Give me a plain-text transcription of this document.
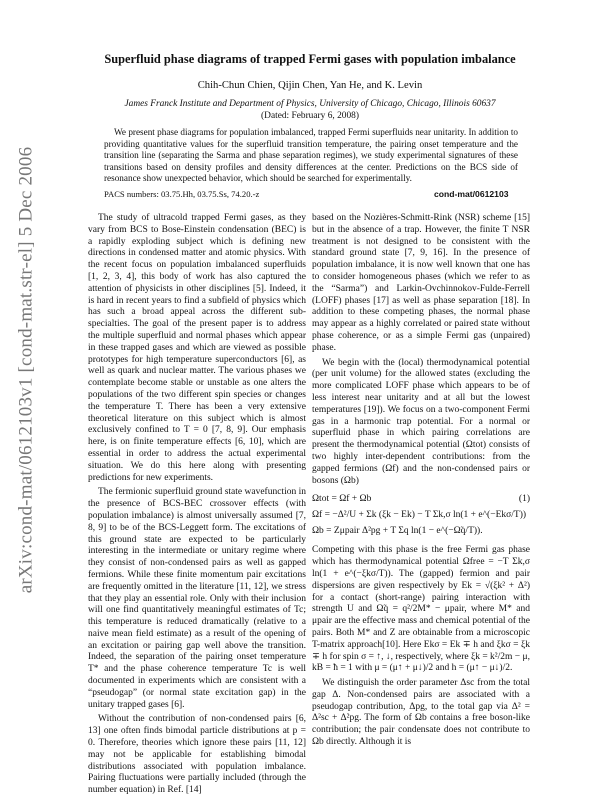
arXiv:cond-mat/0612103v1 [cond-mat.str-el] 5 Dec 2006
Superfluid phase diagrams of trapped Fermi gases with population imbalance
Chih-Chun Chien, Qijin Chen, Yan He, and K. Levin
James Franck Institute and Department of Physics, University of Chicago, Chicago, Illinois 60637
(Dated: February 6, 2008)
We present phase diagrams for population imbalanced, trapped Fermi superfluids near unitarity. In addition to providing quantitative values for the superfluid transition temperature, the pairing onset temperature and the transition line (separating the Sarma and phase separation regimes), we study experimental signatures of these transitions based on density profiles and density differences at the center. Predictions on the BCS side of resonance show unexpected behavior, which should be searched for experimentally.
PACS numbers: 03.75.Hh, 03.75.Ss, 74.20.-z	cond-mat/0612103

The study of ultracold trapped Fermi gases, as they vary from BCS to Bose-Einstein condensation (BEC) is a rapidly exploding subject which is defining new directions in condensed matter and atomic physics. With the recent focus on population imbalanced superfluids [1, 2, 3, 4], this body of work has also captured the attention of physicists in other disciplines [5]. Indeed, it is hard in recent years to find a subfield of physics which has such a broad appeal across the different sub-specialties. The goal of the present paper is to address the multiple superfluid and normal phases which appear in these trapped gases and which are viewed as possible prototypes for high temperature superconductors [6], as well as quark and nuclear matter. The various phases we contemplate become stable or unstable as one alters the populations of the two different spin species or changes the temperature T. There has been a very extensive theoretical literature on this subject which is almost exclusively confined to T = 0 [7, 8, 9]. Our emphasis here, is on finite temperature effects [6, 10], which are essential in order to address the actual experimental situation. We do this here along with presenting predictions for new experiments.

The fermionic superfluid ground state wavefunction in the presence of BCS-BEC crossover effects (with population imbalance) is almost universally assumed [7, 8, 9] to be of the BCS-Leggett form. The excitations of this ground state are expected to be particularly interesting in the intermediate or unitary regime where they consist of non-condensed pairs as well as gapped fermions. While these finite momentum pair excitations are frequently omitted in the literature [11, 12], we stress that they play an essential role. Only with their inclusion will one find quantitatively meaningful estimates of Tc; this temperature is reduced dramatically (relative to a naive mean field estimate) as a result of the opening of an excitation or pairing gap well above the transition. Indeed, the separation of the pairing onset temperature T* and the phase coherence temperature Tc is well documented in experiments which are consistent with a “pseudogap” (or normal state excitation gap) in the unitary trapped gases [6].

Without the contribution of non-condensed pairs [6, 13] one often finds bimodal particle distributions at p = 0. Therefore, theories which ignore these pairs [11, 12] may not be applicable for establishing bimodal distributions associated with population imbalance. Pairing fluctuations were partially included (through the number equation) in Ref. [14]

based on the Nozières-Schmitt-Rink (NSR) scheme [15] but in the absence of a trap. However, the finite T NSR treatment is not designed to be consistent with the standard ground state [7, 9, 16]. In the presence of population imbalance, it is now well known that one has to consider homogeneous phases (which we refer to as the “Sarma”) and Larkin-Ovchinnokov-Fulde-Ferrell (LOFF) phases [17] as well as phase separation [18]. In addition to these competing phases, the normal phase may appear as a highly correlated or paired state without phase coherence, or as a simple Fermi gas (unpaired) phase.

We begin with the (local) thermodynamical potential (per unit volume) for the allowed states (excluding the more complicated LOFF phase which appears to be of less interest near unitarity and at all but the lowest temperatures [19]). We focus on a two-component Fermi gas in a harmonic trap potential. For a normal or superfluid phase in which pairing correlations are present the thermodynamical potential (Ωtot) consists of two highly inter-dependent contributions: from the gapped fermions (Ωf) and the non-condensed pairs or bosons (Ωb)

Ωtot = Ωf + Ωb	(1)
Ωf = −Δ²/U + Σk (ξk − Ek) − T Σk,σ ln(1 + e^(−Ekσ/T))
Ωb = Zμpair Δ²pg + T Σq ln(1 − e^(−Ω̃q/T)).

Competing with this phase is the free Fermi gas phase which has thermodynamical potential Ωfree = −T Σk,σ ln(1 + e^(−ξkσ/T)). The (gapped) fermion and pair dispersions are given respectively by Ek = √(ξk² + Δ²) for a contact (short-range) pairing interaction with strength U and Ω̃q = q²/2M* − μpair, where M* and μpair are the effective mass and chemical potential of the pairs. Both M* and Z are obtainable from a microscopic T-matrix approach[10]. Here Ekσ = Ek ∓ h and ξkσ = ξk ∓ h for spin σ = ↑, ↓, respectively, where ξk = k²/2m − μ, kB = ħ = 1 with μ = (μ↑ + μ↓)/2 and h = (μ↑ − μ↓)/2.

We distinguish the order parameter Δsc from the total gap Δ. Non-condensed pairs are associated with a pseudogap contribution, Δpg, to the total gap via Δ² = Δ²sc + Δ²pg. The form of Ωb contains a free boson-like contribution; the pair condensate does not contribute to Ωb directly. Although it is
